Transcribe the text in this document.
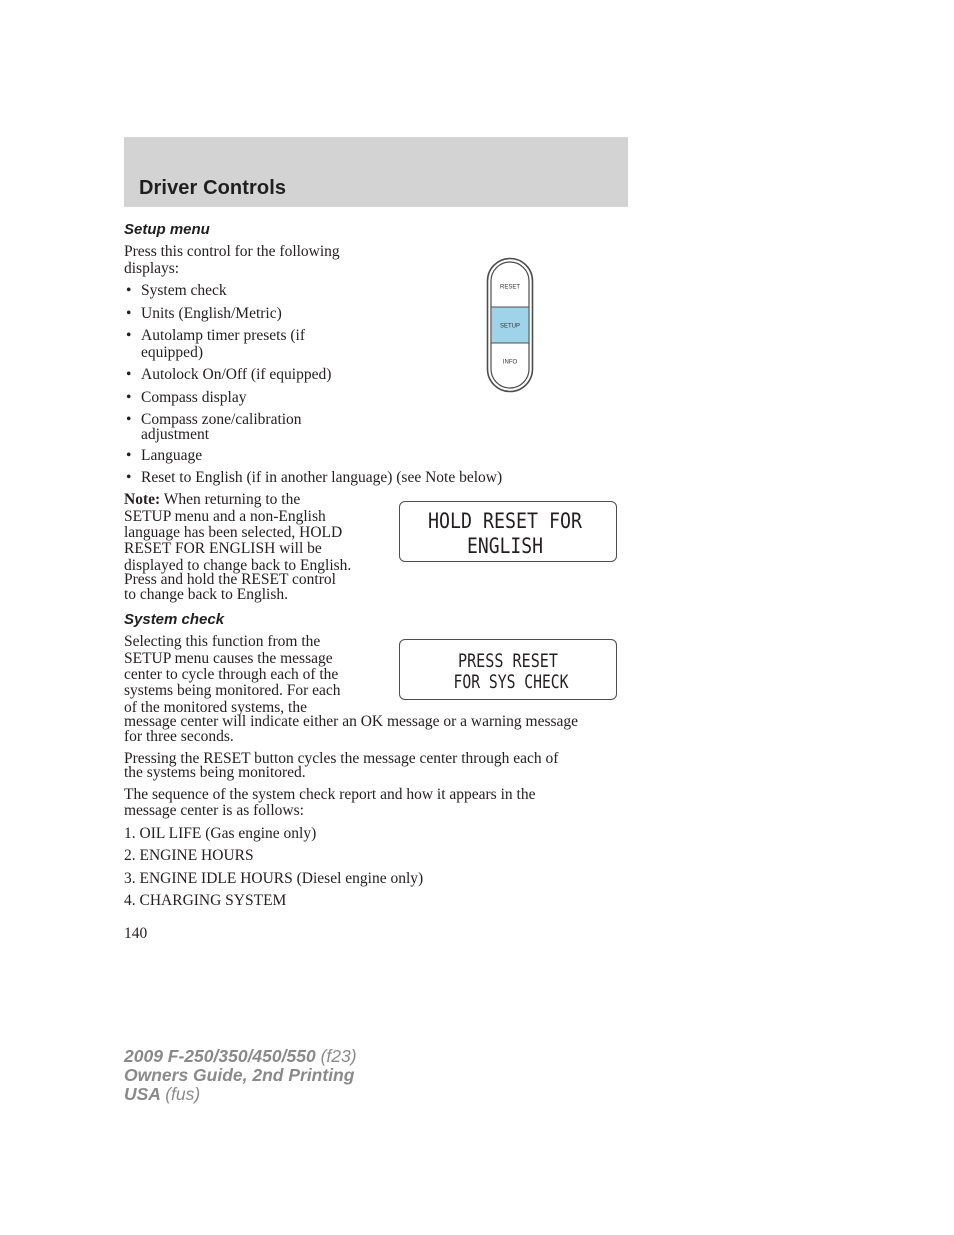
Driver Controls
Setup menu
Press this control for the following
displays:
• System check
• Units (English/Metric)
• Autolamp timer presets (if
equipped)
• Autolock On/Off (if equipped)
• Compass display
• Compass zone/calibration
adjustment
• Language
• Reset to English (if in another language) (see Note below)
RESET
SETUP
INFO
Note: When returning to the
SETUP menu and a non-English
language has been selected, HOLD
RESET FOR ENGLISH will be
displayed to change back to English.
Press and hold the RESET control
to change back to English.
HOLD RESET FOR
ENGLISH
System check
Selecting this function from the
SETUP menu causes the message
center to cycle through each of the
systems being monitored. For each
of the monitored systems, the
message center will indicate either an OK message or a warning message
for three seconds.
PRESS RESET
FOR SYS CHECK
Pressing the RESET button cycles the message center through each of
the systems being monitored.
The sequence of the system check report and how it appears in the
message center is as follows:
1. OIL LIFE (Gas engine only)
2. ENGINE HOURS
3. ENGINE IDLE HOURS (Diesel engine only)
4. CHARGING SYSTEM
140
2009 F-250/350/450/550 (f23)
Owners Guide, 2nd Printing
USA (fus)
